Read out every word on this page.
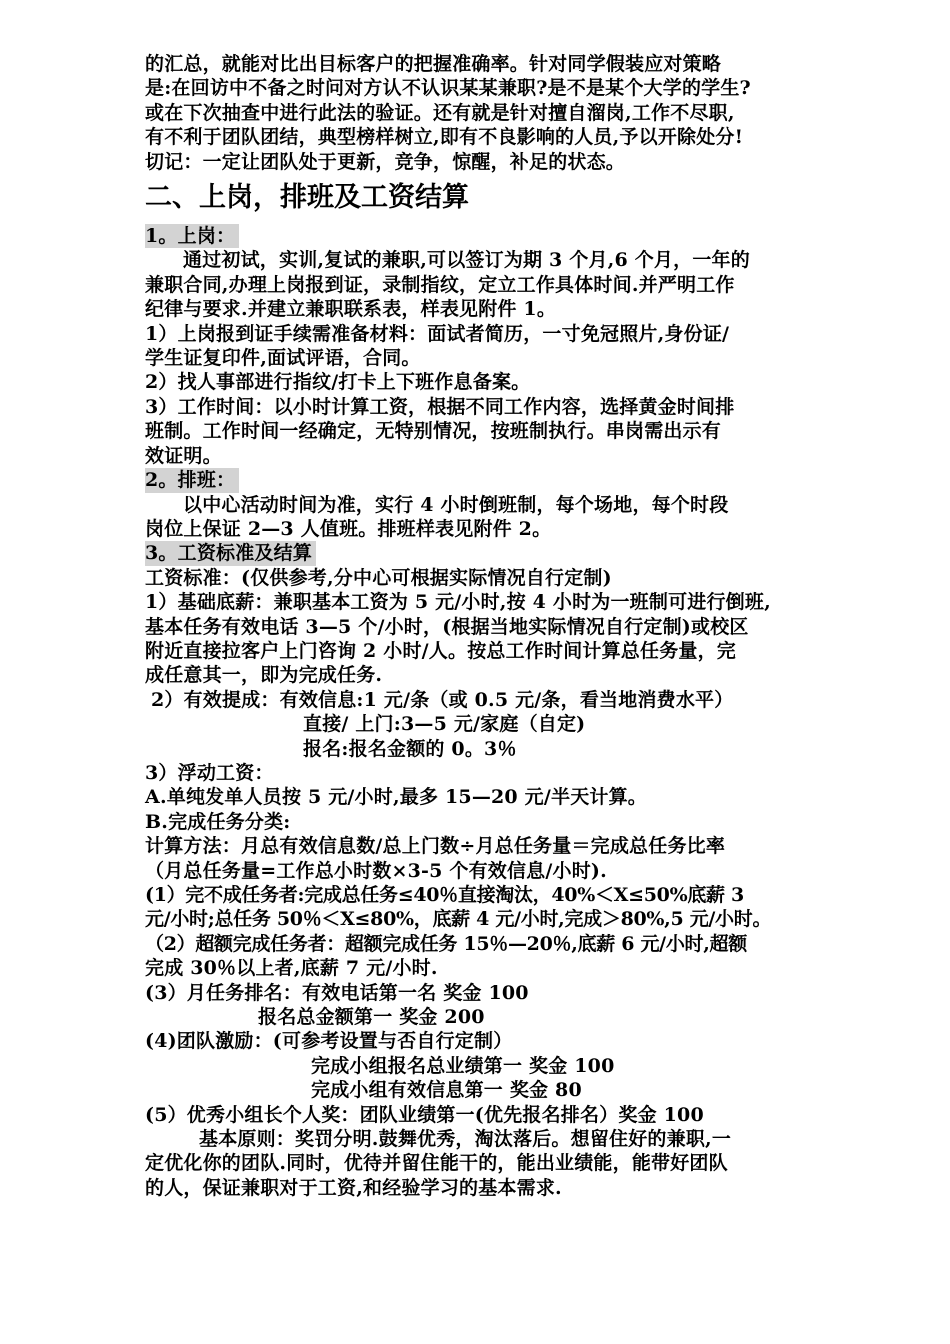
的汇总，就能对比出目标客户的把握准确率。针对同学假装应对策略
是:在回访中不备之时问对方认不认识某某兼职?是不是某个大学的学生?
或在下次抽查中进行此法的验证。还有就是针对擅自溜岗,工作不尽职,
有不利于团队团结，典型榜样树立,即有不良影响的人员,予以开除处分!
切记：一定让团队处于更新，竞争，惊醒，补足的状态。
二、上岗，排班及工资结算
1。上岗：
通过初试，实训,复试的兼职,可以签订为期 3 个月,6 个月，一年的
兼职合同,办理上岗报到证，录制指纹，定立工作具体时间.并严明工作
纪律与要求.并建立兼职联系表，样表见附件 1。
1）上岗报到证手续需准备材料：面试者简历，一寸免冠照片,身份证/
学生证复印件,面试评语，合同。
2）找人事部进行指纹/打卡上下班作息备案。
3）工作时间：以小时计算工资，根据不同工作内容，选择黄金时间排
班制。工作时间一经确定，无特别情况，按班制执行。串岗需出示有
效证明。
2。排班：
以中心活动时间为准，实行 4 小时倒班制，每个场地，每个时段
岗位上保证 2—3 人值班。排班样表见附件 2。
3。工资标准及结算
工资标准：(仅供参考,分中心可根据实际情况自行定制)
1）基础底薪：兼职基本工资为 5 元/小时,按 4 小时为一班制可进行倒班,
基本任务有效电话 3—5 个/小时，(根据当地实际情况自行定制)或校区
附近直接拉客户上门咨询 2 小时/人。按总工作时间计算总任务量，完
成任意其一，即为完成任务.
2）有效提成：有效信息:1 元/条（或 0.5 元/条，看当地消费水平）
直接/ 上门:3—5 元/家庭（自定)
报名:报名金额的 0。3％
3）浮动工资：
A.单纯发单人员按 5 元/小时,最多 15—20 元/半天计算。
B.完成任务分类:
计算方法：月总有效信息数/总上门数÷月总任务量＝完成总任务比率
（月总任务量=工作总小时数×3-5 个有效信息/小时).
(1）完不成任务者:完成总任务≤40％直接淘汰，40%＜X≤50%底薪 3
元/小时;总任务 50％＜X≤80%，底薪 4 元/小时,完成＞80%,5 元/小时。
（2）超额完成任务者：超额完成任务 15％—20％,底薪 6 元/小时,超额
完成 30％以上者,底薪 7 元/小时.
(3）月任务排名：有效电话第一名 奖金 100
报名总金额第一 奖金 200
(4)团队激励：(可参考设置与否自行定制）
完成小组报名总业绩第一 奖金 100
完成小组有效信息第一 奖金 80
(5）优秀小组长个人奖：团队业绩第一(优先报名排名）奖金 100
基本原则：奖罚分明.鼓舞优秀，淘汰落后。想留住好的兼职,一
定优化你的团队.同时，优待并留住能干的，能出业绩能，能带好团队
的人，保证兼职对于工资,和经验学习的基本需求.
